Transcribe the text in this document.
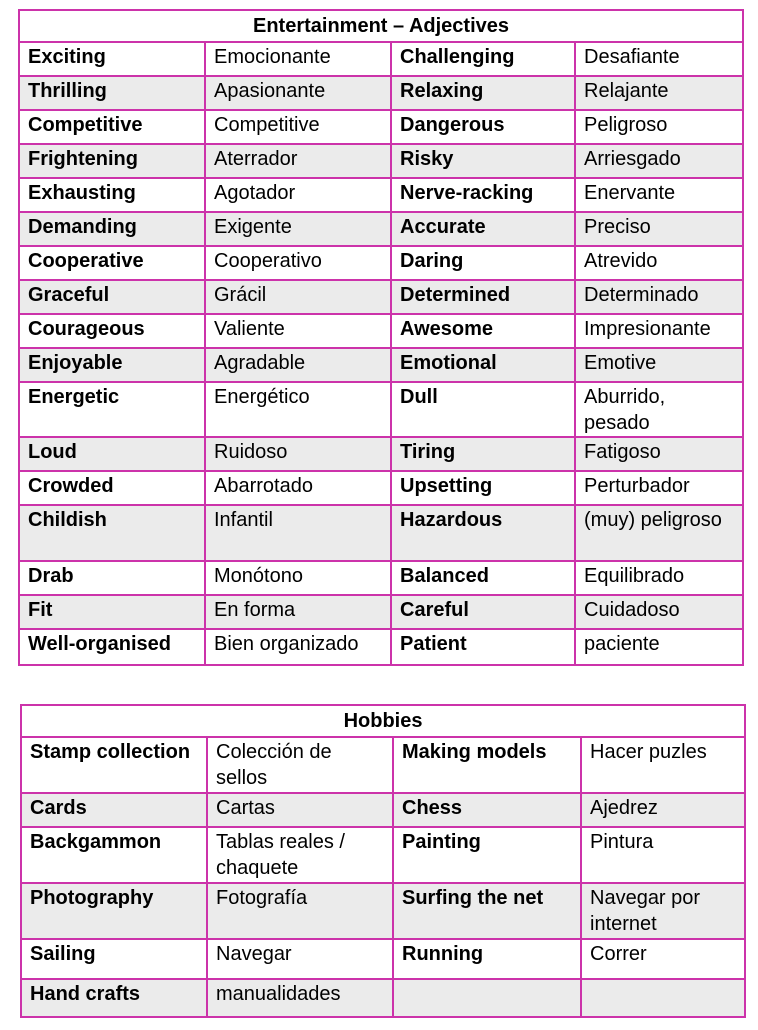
Entertainment – Adjectives			
Exciting	Emocionante	Challenging	Desafiante
Thrilling	Apasionante	Relaxing	Relajante
Competitive	Competitive	Dangerous	Peligroso
Frightening	Aterrador	Risky	Arriesgado
Exhausting	Agotador	Nerve-racking	Enervante
Demanding	Exigente	Accurate	Preciso
Cooperative	Cooperativo	Daring	Atrevido
Graceful	Grácil	Determined	Determinado
Courageous	Valiente	Awesome	Impresionante
Enjoyable	Agradable	Emotional	Emotive
Energetic	Energético	Dull	Aburrido, pesado
Loud	Ruidoso	Tiring	Fatigoso
Crowded	Abarrotado	Upsetting	Perturbador
Childish	Infantil	Hazardous	(muy) peligroso
Drab	Monótono	Balanced	Equilibrado
Fit	En forma	Careful	Cuidadoso
Well-organised	Bien organizado	Patient	paciente
Hobbies			
Stamp collection	Colección de sellos	Making models	Hacer puzles
Cards	Cartas	Chess	Ajedrez
Backgammon	Tablas reales / chaquete	Painting	Pintura
Photography	Fotografía	Surfing the net	Navegar por internet
Sailing	Navegar	Running	Correr
Hand crafts	manualidades		
